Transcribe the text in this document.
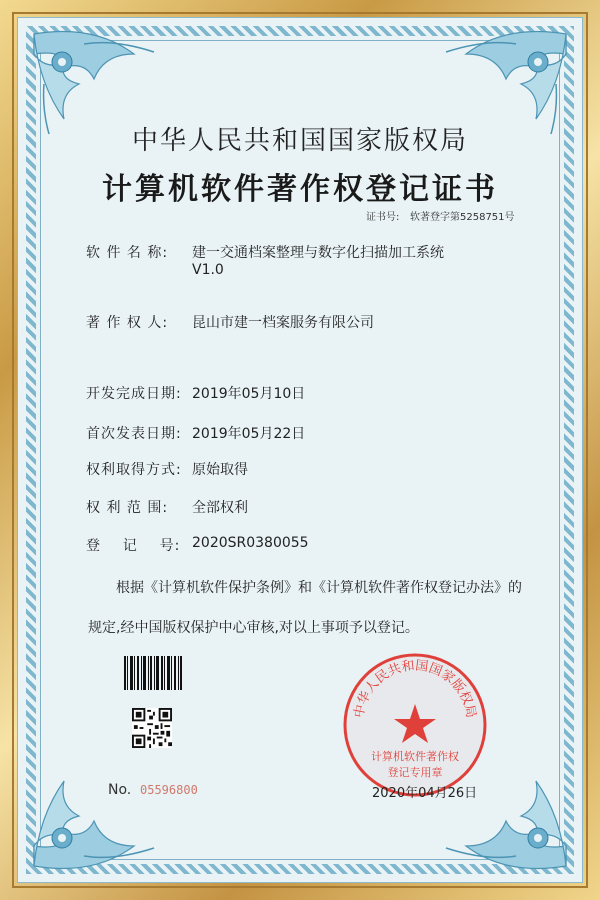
中华人民共和国国家版权局
计算机软件著作权登记证书
证书号: 软著登字第5258751号
软 件 名 称: 建一交通档案整理与数字化扫描加工系统
V1.0
著 作 权 人: 昆山市建一档案服务有限公司
开发完成日期: 2019年05月10日
首次发表日期: 2019年05月22日
权利取得方式: 原始取得
权 利 范 围: 全部权利
登    记    号: 2020SR0380055
根据《计算机软件保护条例》和《计算机软件著作权登记办法》的
规定,经中国版权保护中心审核,对以上事项予以登记。
中华人民共和国国家版权局
计算机软件著作权
登记专用章
No. 05596800	2020年04月26日
